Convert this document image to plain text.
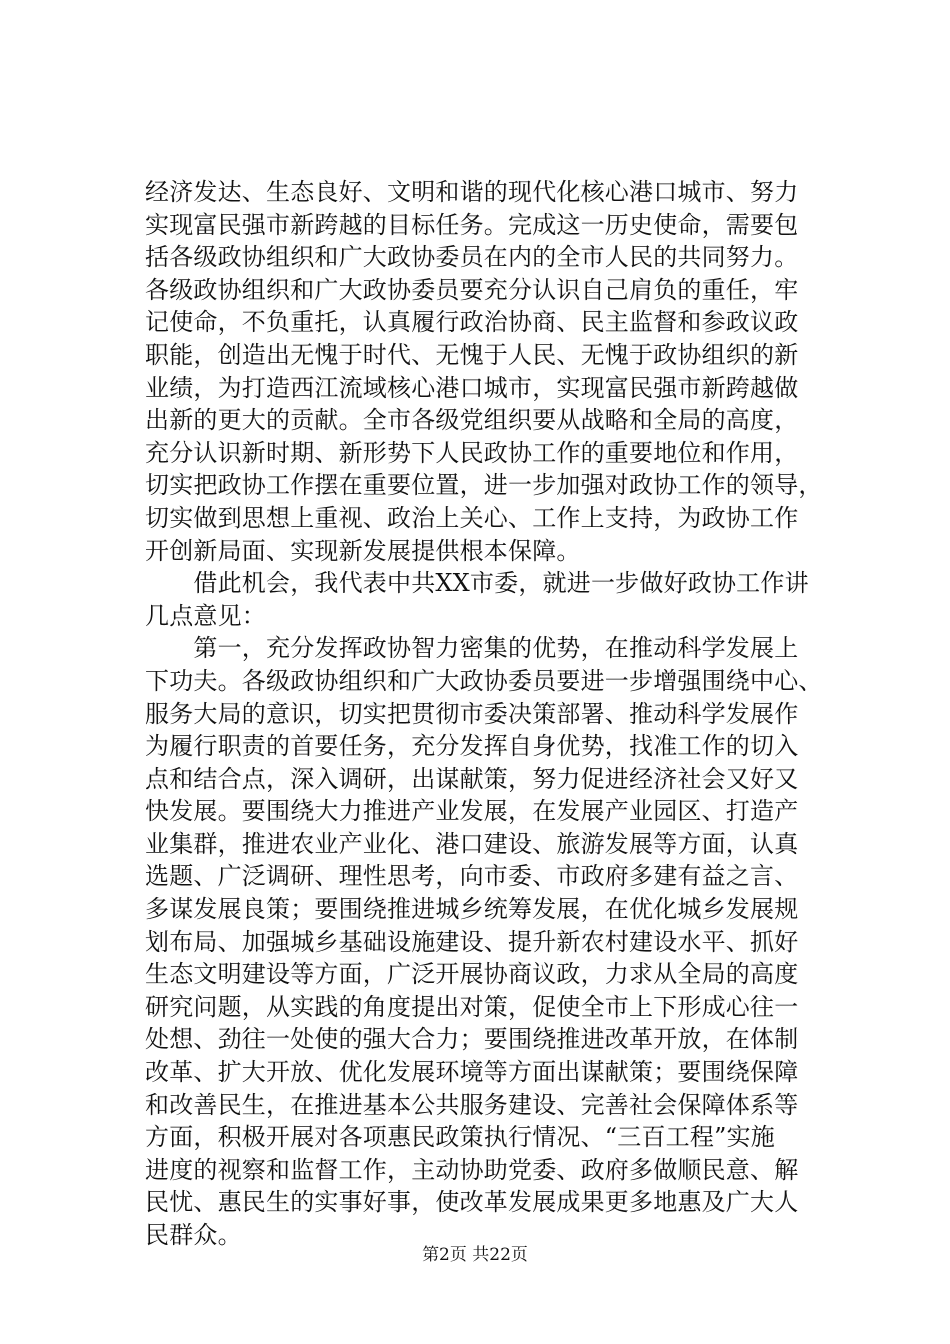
经济发达、生态良好、文明和谐的现代化核心港口城市、努力
实现富民强市新跨越的目标任务。完成这一历史使命，需要包
括各级政协组织和广大政协委员在内的全市人民的共同努力。
各级政协组织和广大政协委员要充分认识自己肩负的重任，牢
记使命，不负重托，认真履行政治协商、民主监督和参政议政
职能，创造出无愧于时代、无愧于人民、无愧于政协组织的新
业绩，为打造西江流域核心港口城市，实现富民强市新跨越做
出新的更大的贡献。全市各级党组织要从战略和全局的高度，
充分认识新时期、新形势下人民政协工作的重要地位和作用，
切实把政协工作摆在重要位置，进一步加强对政协工作的领导，
切实做到思想上重视、政治上关心、工作上支持，为政协工作
开创新局面、实现新发展提供根本保障。
　　借此机会，我代表中共XX市委，就进一步做好政协工作讲
几点意见：
　　第一，充分发挥政协智力密集的优势，在推动科学发展上
下功夫。各级政协组织和广大政协委员要进一步增强围绕中心、
服务大局的意识，切实把贯彻市委决策部署、推动科学发展作
为履行职责的首要任务，充分发挥自身优势，找准工作的切入
点和结合点，深入调研，出谋献策，努力促进经济社会又好又
快发展。要围绕大力推进产业发展，在发展产业园区、打造产
业集群，推进农业产业化、港口建设、旅游发展等方面，认真
选题、广泛调研、理性思考，向市委、市政府多建有益之言、
多谋发展良策；要围绕推进城乡统筹发展，在优化城乡发展规
划布局、加强城乡基础设施建设、提升新农村建设水平、抓好
生态文明建设等方面，广泛开展协商议政，力求从全局的高度
研究问题，从实践的角度提出对策，促使全市上下形成心往一
处想、劲往一处使的强大合力；要围绕推进改革开放，在体制
改革、扩大开放、优化发展环境等方面出谋献策；要围绕保障
和改善民生，在推进基本公共服务建设、完善社会保障体系等
方面，积极开展对各项惠民政策执行情况、“三百工程”实施
进度的视察和监督工作，主动协助党委、政府多做顺民意、解
民忧、惠民生的实事好事，使改革发展成果更多地惠及广大人
民群众。
第2页 共22页
